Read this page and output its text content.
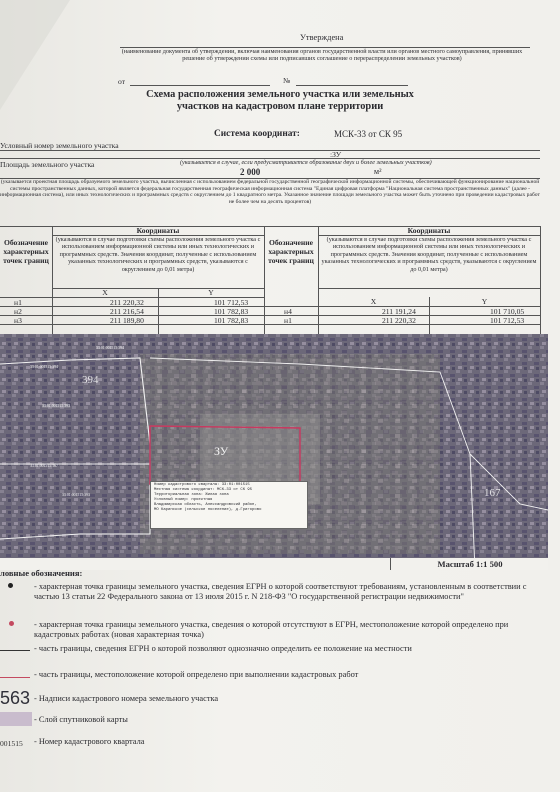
Утверждена
(наименование документа об утверждении, включая наименования органов государственной власти или органов местного самоуправления, принявших решение об утверждении схемы или подписавших соглашение о перераспределении земельных участков)
от	№
Схема расположения земельного участка или земельных
участков на кадастровом плане территории
Система координат:	МСК-33 от СК 95
Условный номер земельного участка
:ЗУ
(указывается в случае, если предусматривается образование двух и более земельных участков)
Площадь земельного участка
2 000	м²
(указывается проектная площадь образуемого земельного участка, вычисленная с использованием федеральной государственной географической информационной системы, обеспечивающей функционирование национальной системы пространственных данных, которой является федеральная государственная географическая информационная система "Единая цифровая платформа "Национальная система пространственных данных" (далее - информационная система), или иных технологических и программных средств с округлением до 1 квадратного метра. Указанное значение площади земельного участка может быть уточнено при проведении кадастровых работ не более чем на десять процентов)
Обозначение характерных точек границ
Обозначение характерных точек границ
Координаты	Координаты
(указываются в случае подготовки схемы расположения земельного участка с использованием информационной системы или иных технологических и программных средств. Значения координат, полученные с использованием указанных технологических и программных средств, указываются с округлением до 0,01 метра)
(указываются в случае подготовки схемы расположения земельного участка с использованием информационной системы или иных технологических и программных средств. Значения координат, полученные с использованием указанных технологических и программных средств, указываются с округлением до 0,01 метра)
X	Y
X	Y
н1	211 220,32	101 712,53
н2	211 216,54	101 782,83
н3	211 189,80	101 782,83
н4	211 191,24	101 710,05
н1	211 220,32	101 712,53
33:01:001515:394
33:01:001515:394
33:01:001515:393
33:01:001515:167
33:01:001515:393
394
167
ЗУ
Номер кадастрового квартала: 33:01:001515
Местная система координат: МСК-33 от СК 95
Территориальная зона: Жилая зона
Условный номер: проектная
Владимирская область, Александровский район,
МО Каринское (сельское поселение), д.Григорово
Масштаб 1:1 500
ловные обозначения:
- характерная точка границы земельного участка, сведения ЕГРН о которой соответствуют требованиям, установленным в соответствии с частью 13 статьи 22 Федерального закона от 13 июля 2015 г. N 218-ФЗ "О государственной регистрации недвижимости"
- характерная точка границы земельного участка, сведения о которой отсутствуют в ЕГРН, местоположение которой определено при кадастровых работах (новая характерная точка)
- часть границы, сведения ЕГРН о которой позволяют однозначно определить ее положение на местности
- часть границы, местоположение которой определено при выполнении кадастровых работ
563 - Надписи кадастрового номера земельного участка
- Слой спутниковой карты
001515 - Номер кадастрового квартала
